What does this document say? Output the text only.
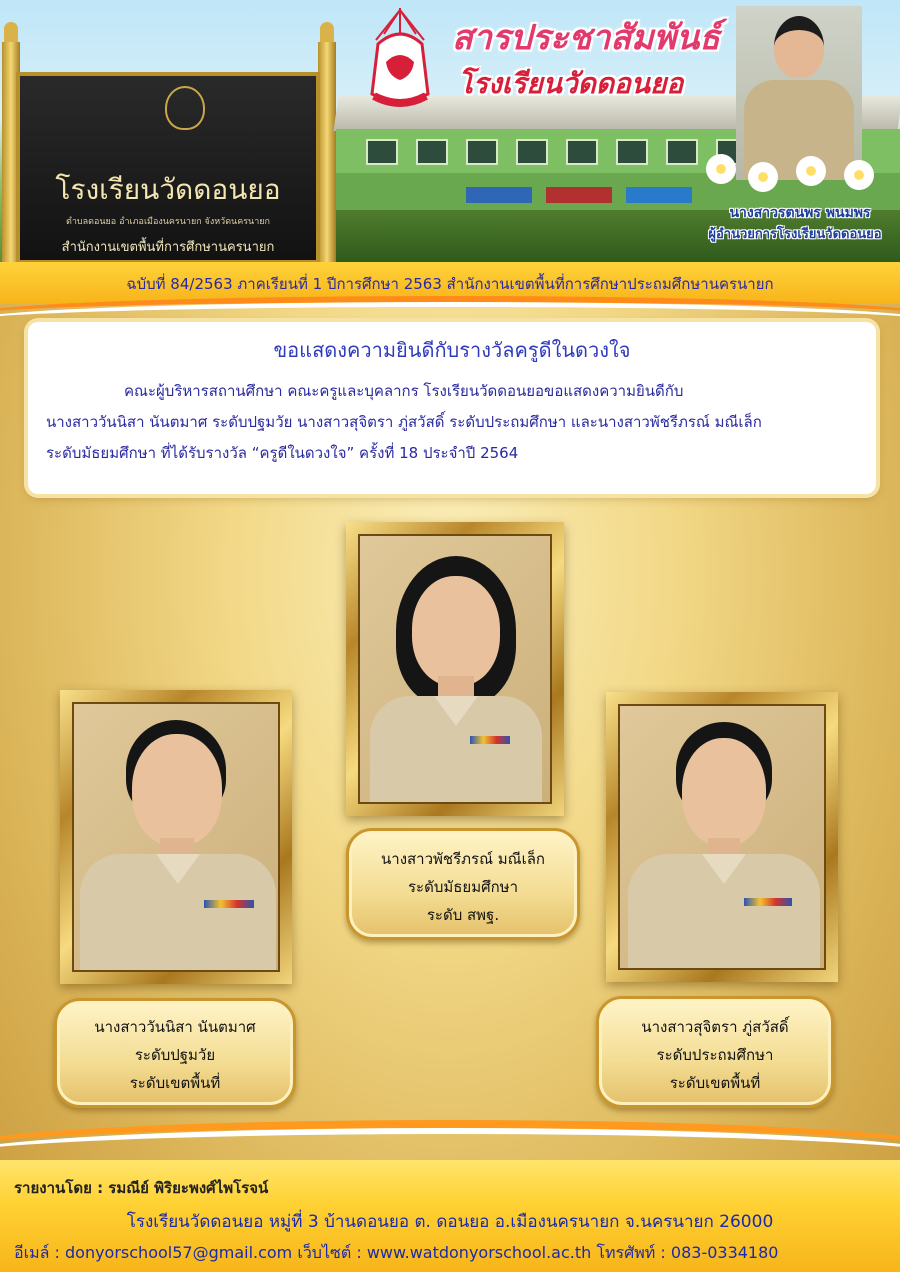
โรงเรียนวัดดอนยอ
ตำบลดอนยอ อำเภอเมืองนครนายก จังหวัดนครนายก
สำนักงานเขตพื้นที่การศึกษานครนายก
สารประชาสัมพันธ์
โรงเรียนวัดดอนยอ
นางสาวรตนพร พนมพร
ผู้อำนวยการโรงเรียนวัดดอนยอ
ฉบับที่ 84/2563 ภาคเรียนที่ 1 ปีการศึกษา 2563 สำนักงานเขตพื้นที่การศึกษาประถมศึกษานครนายก
ขอแสดงความยินดีกับรางวัลครูดีในดวงใจ

คณะผู้บริหารสถานศึกษา คณะครูและบุคลากร โรงเรียนวัดดอนยอขอแสดงความยินดีกับ

นางสาววันนิสา นันตมาศ ระดับปฐมวัย นางสาวสุจิตรา ภู่สวัสดิ์ ระดับประถมศึกษา และนางสาวพัชรีภรณ์ มณีเล็ก

ระดับมัธยมศึกษา ที่ได้รับรางวัล “ครูดีในดวงใจ” ครั้งที่ 18 ประจำปี 2564

นางสาวพัชรีภรณ์ มณีเล็ก
ระดับมัธยมศึกษา
ระดับ สพฐ.
นางสาววันนิสา นันตมาศ
ระดับปฐมวัย
ระดับเขตพื้นที่
นางสาวสุจิตรา ภู่สวัสดิ์
ระดับประถมศึกษา
ระดับเขตพื้นที่
รายงานโดย : รมณีย์ พิริยะพงศ์ไพโรจน์
โรงเรียนวัดดอนยอ หมู่ที่ 3 บ้านดอนยอ ต. ดอนยอ อ.เมืองนครนายก จ.นครนายก 26000
อีเมล์ : donyorschool57@gmail.com เว็บไซต์ : www.watdonyorschool.ac.th โทรศัพท์ : 083-0334180
